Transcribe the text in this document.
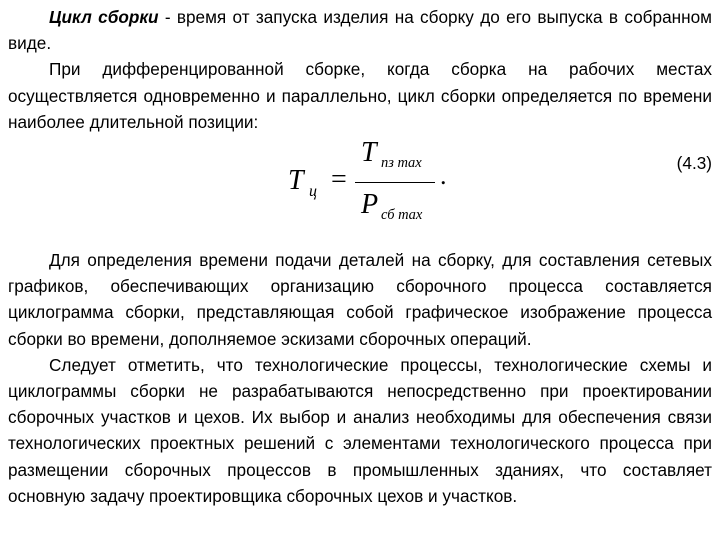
Цикл сборки - время от запуска изделия на сборку до его выпуска в собранном виде.

При дифференцированной сборке, когда сборка на рабочих местах осуществляется одновременно и параллельно, цикл сборки определяется по времени наиболее длительной позиции:

T ц =
T пз max
P сб max
.	(4.3)

Для определения времени подачи деталей на сборку, для составления сетевых графиков, обеспечивающих организацию сборочного процесса составляется циклограмма сборки, представляющая собой графическое изображение процесса сборки во времени, дополняемое эскизами сборочных операций.

Следует отметить, что технологические процессы, технологические схемы и циклограммы сборки не разрабатываются непосредственно при проектировании сборочных участков и цехов. Их выбор и анализ необходимы для обеспечения связи технологических проектных решений с элементами технологического процесса при размещении сборочных процессов в промышленных зданиях, что составляет основную задачу проектировщика сборочных цехов и участков.
